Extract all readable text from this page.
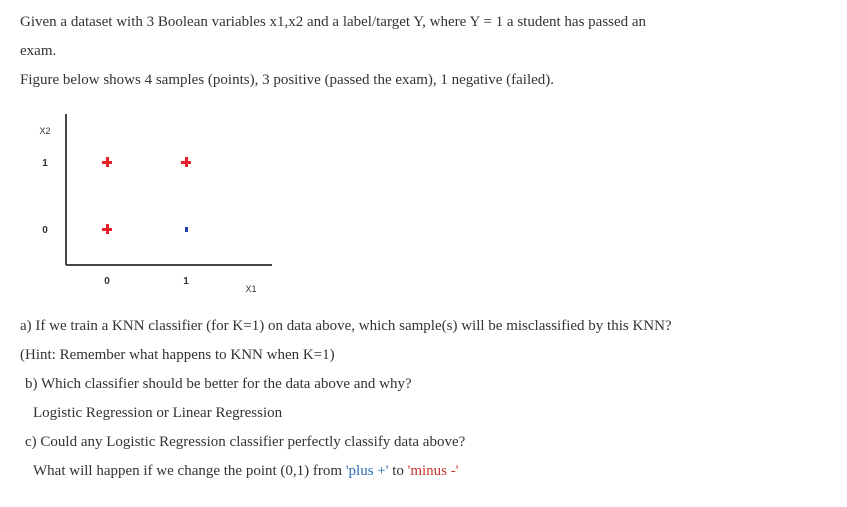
Given a dataset with 3 Boolean variables x1,x2 and a label/target Y, where Y = 1 a student has passed an
exam.
Figure below shows 4 samples (points), 3 positive (passed the exam), 1 negative (failed).
X2
X1
1
0
0	1
a) If we train a KNN classifier (for K=1) on data above, which sample(s) will be misclassified by this KNN?
(Hint: Remember what happens to KNN when K=1)
b) Which classifier should be better for the data above and why?
Logistic Regression or Linear Regression
c) Could any Logistic Regression classifier perfectly classify data above?
What will happen if we change the point (0,1) from 'plus +' to 'minus -'
